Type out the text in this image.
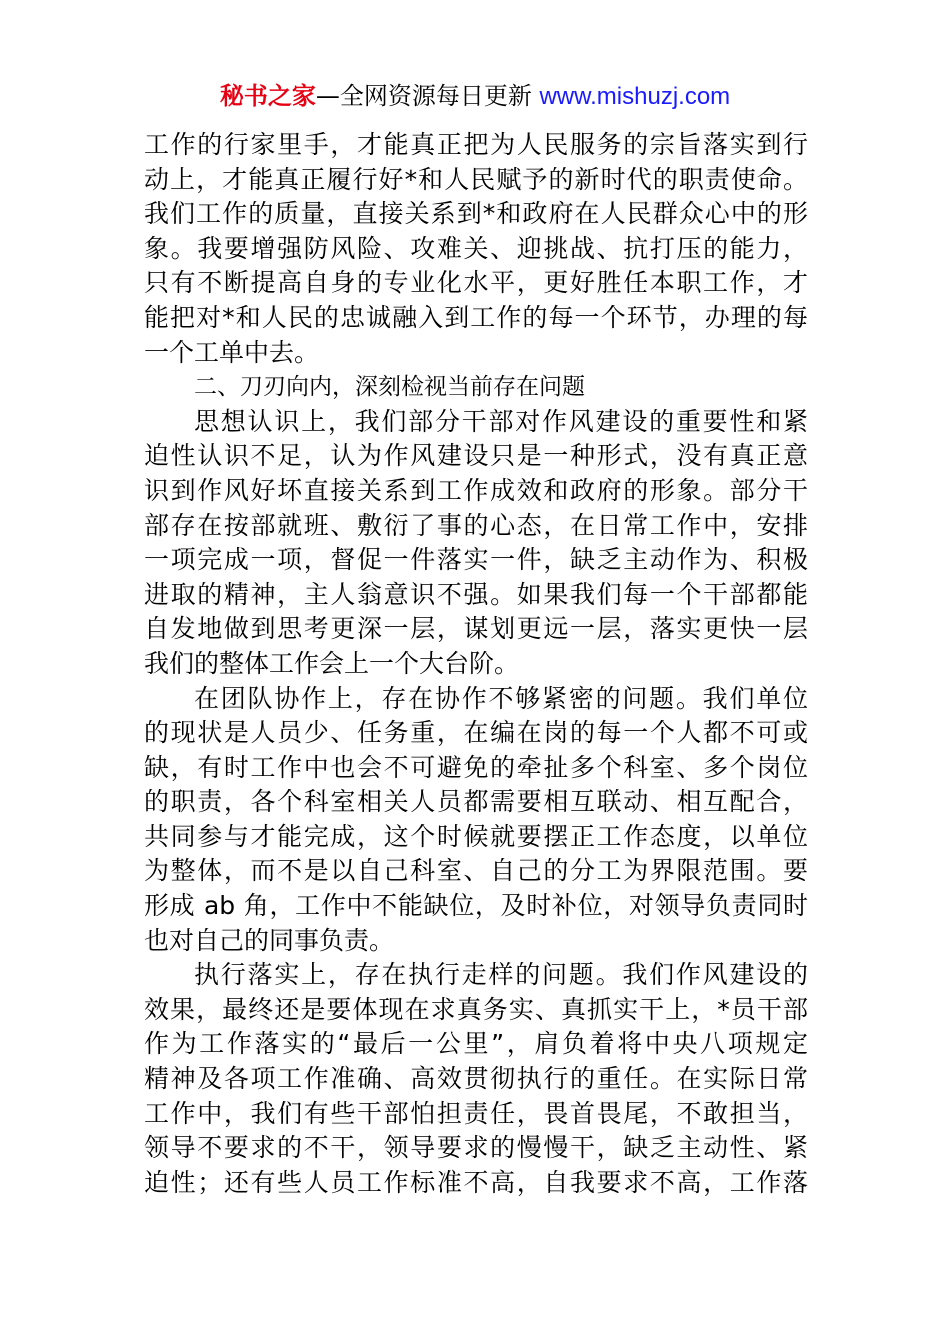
秘书之家—全网资源每日更新 www.mishuzj.com
工作的行家里手，才能真正把为人民服务的宗旨落实到行
动上，才能真正履行好*和人民赋予的新时代的职责使命。
我们工作的质量，直接关系到*和政府在人民群众心中的形
象。我要增强防风险、攻难关、迎挑战、抗打压的能力，
只有不断提高自身的专业化水平，更好胜任本职工作，才
能把对*和人民的忠诚融入到工作的每一个环节，办理的每
一个工单中去。
二、刀刃向内，深刻检视当前存在问题
思想认识上，我们部分干部对作风建设的重要性和紧
迫性认识不足，认为作风建设只是一种形式，没有真正意
识到作风好坏直接关系到工作成效和政府的形象。部分干
部存在按部就班、敷衍了事的心态，在日常工作中，安排
一项完成一项，督促一件落实一件，缺乏主动作为、积极
进取的精神，主人翁意识不强。如果我们每一个干部都能
自发地做到思考更深一层，谋划更远一层，落实更快一层
我们的整体工作会上一个大台阶。
在团队协作上，存在协作不够紧密的问题。我们单位
的现状是人员少、任务重，在编在岗的每一个人都不可或
缺，有时工作中也会不可避免的牵扯多个科室、多个岗位
的职责，各个科室相关人员都需要相互联动、相互配合，
共同参与才能完成，这个时候就要摆正工作态度，以单位
为整体，而不是以自己科室、自己的分工为界限范围。要
形成 ab 角，工作中不能缺位，及时补位，对领导负责同时
也对自己的同事负责。
执行落实上，存在执行走样的问题。我们作风建设的
效果，最终还是要体现在求真务实、真抓实干上，*员干部
作为工作落实的“最后一公里”，肩负着将中央八项规定
精神及各项工作准确、高效贯彻执行的重任。在实际日常
工作中，我们有些干部怕担责任，畏首畏尾，不敢担当，
领导不要求的不干，领导要求的慢慢干，缺乏主动性、紧
迫性；还有些人员工作标准不高，自我要求不高，工作落
